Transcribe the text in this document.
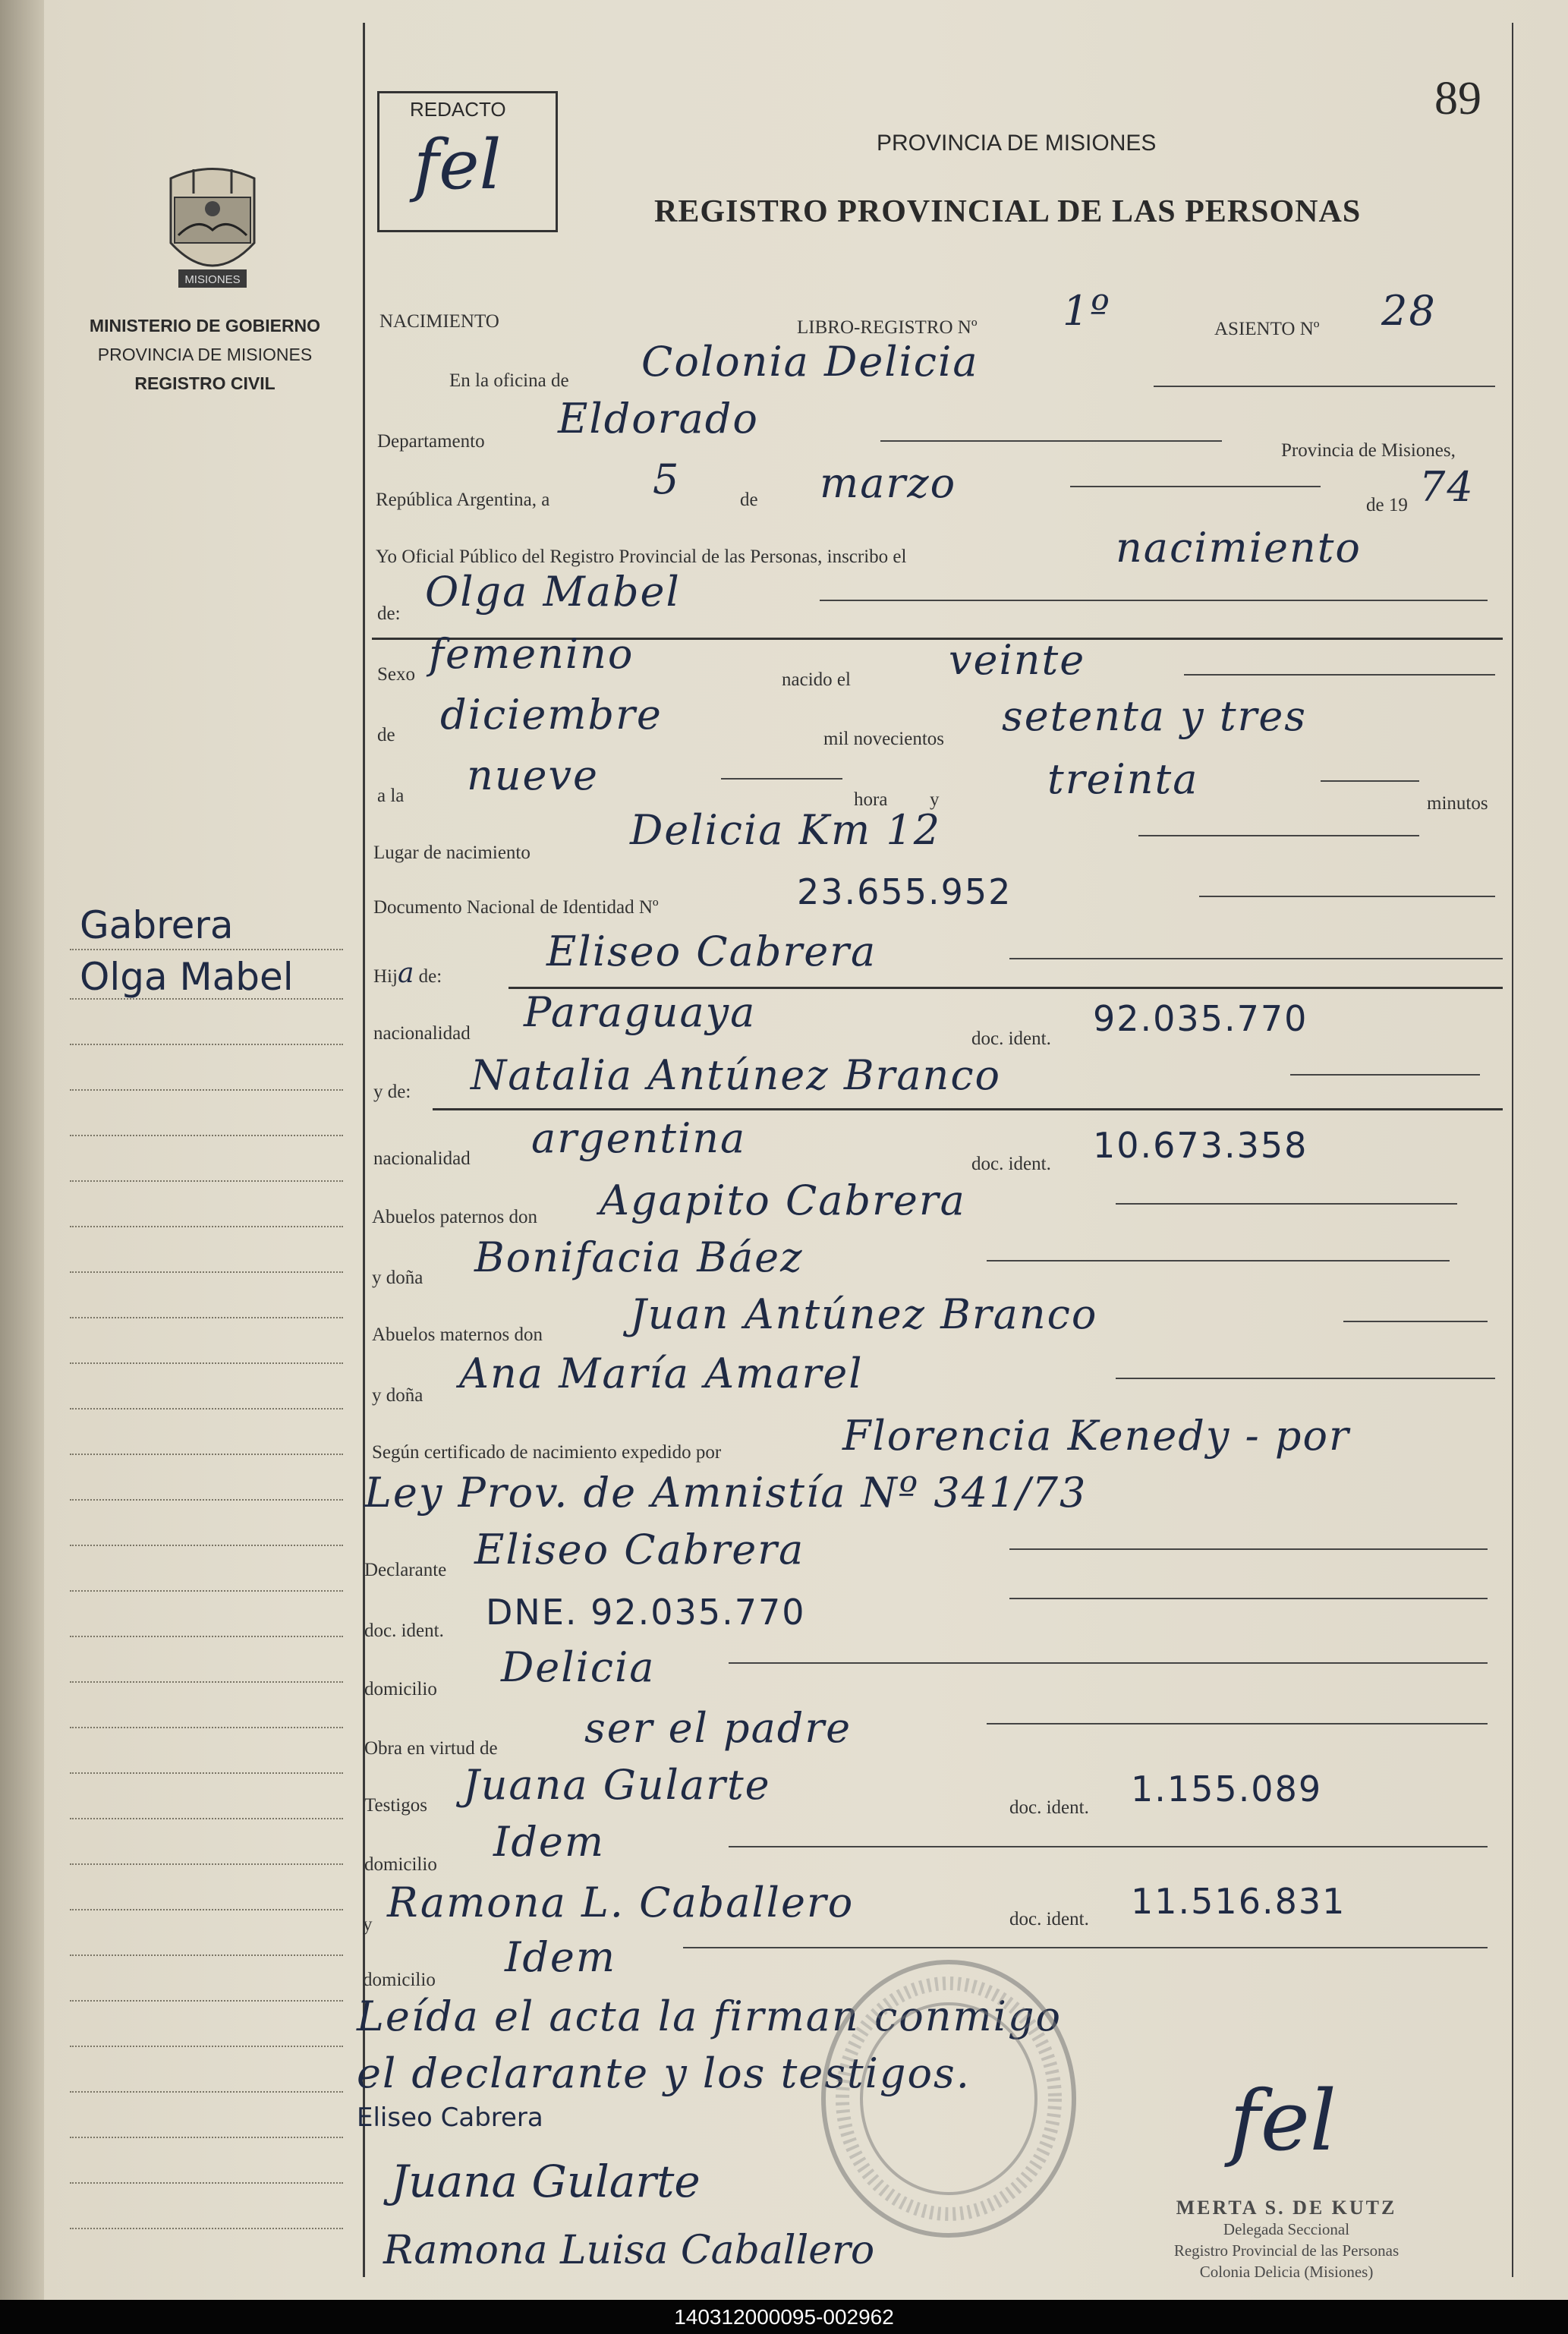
89
REDACTO
fel	PROVINCIA DE MISIONES
REGISTRO PROVINCIAL DE LAS PERSONAS
MISIONES
MINISTERIO DE GOBIERNO
PROVINCIA DE MISIONES
REGISTRO CIVIL
Gabrera
Olga Mabel
NACIMIENTO	LIBRO-REGISTRO Nº 1º	ASIENTO Nº 28
En la oficina de Colonia Delicia
Departamento Eldorado
Provincia de Misiones,
República Argentina, a	5	de marzo	de 19 74
Yo Oficial Público del Registro Provincial de las Personas, inscribo el	nacimiento
de: Olga Mabel
Sexo femenino
nacido el veinte
de diciembre
mil novecientos setenta y tres
a la nueve
hora y	treinta
minutos
Lugar de nacimiento Delicia Km 12
Documento Nacional de Identidad Nº	23.655.952
Hija de:
Eliseo Cabrera
nacionalidad Paraguaya
doc. ident. 92.035.770
y de: Natalia Antúnez Branco
nacionalidad argentina
doc. ident. 10.673.358
Abuelos paternos don Agapito Cabrera
y doña Bonifacia Báez
Abuelos maternos don Juan Antúnez Branco
y doña Ana María Amarel
Según certificado de nacimiento expedido por	Florencia Kenedy - por
Ley Prov. de Amnistía Nº 341/73
Declarante Eliseo Cabrera
doc. ident. DNE. 92.035.770
domicilio Delicia
Obra en virtud de ser el padre
Testigos Juana Gularte	doc. ident. 1.155.089
domicilio Idem
y Ramona L. Caballero	doc. ident. 11.516.831
domicilio Idem
Leída el acta la firman conmigo
el declarante y los testigos.
Eliseo Cabrera
Juana Gularte
Ramona Luisa Caballero
fel
MERTA S. DE KUTZ
Delegada Seccional
Registro Provincial de las Personas
Colonia Delicia (Misiones)
140312000095-002962
